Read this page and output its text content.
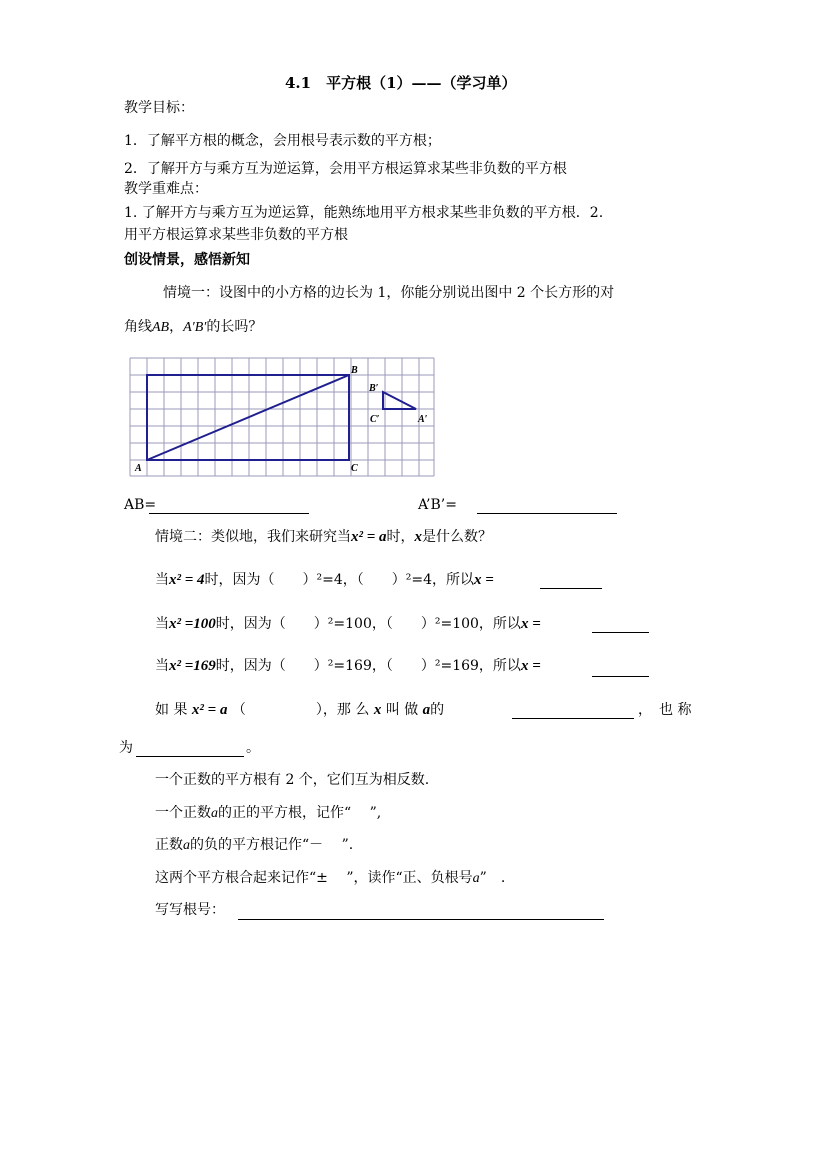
4.1　平方根（1）——（学习单）
教学目标：
1．了解平方根的概念，会用根号表示数的平方根；
2．了解开方与乘方互为逆运算，会用平方根运算求某些非负数的平方根
教学重难点：
1. 了解开方与乘方互为逆运算，能熟练地用平方根求某些非负数的平方根．2.
用平方根运算求某些非负数的平方根
创设情景，感悟新知
情境一：设图中的小方格的边长为 1，你能分别说出图中 2 个长方形的对
角线AB，A′B′的长吗？
A
B
C
B′
C′	A′
AB=	A’B’=
情境二：类似地，我们来研究当x² = a时，x是什么数？
当x² = 4时，因为（　　）²=4，（　　）²=4，所以x =
当x² =100时，因为（　　）²=100，（　　）²=100，所以x =
当x² =169时，因为（　　）²=169，（　　）²=169，所以x =
如 果 x² = a （　　　　　），那 么 x 叫 做 a的	，　也 称
为	。
一个正数的平方根有 2 个，它们互为相反数.
一个正数a的正的平方根，记作“　 ”,
正数a的负的平方根记作“－　 ”.
这两个平方根合起来记作“±　 ”，读作“正、负根号a”　.
写写根号：
